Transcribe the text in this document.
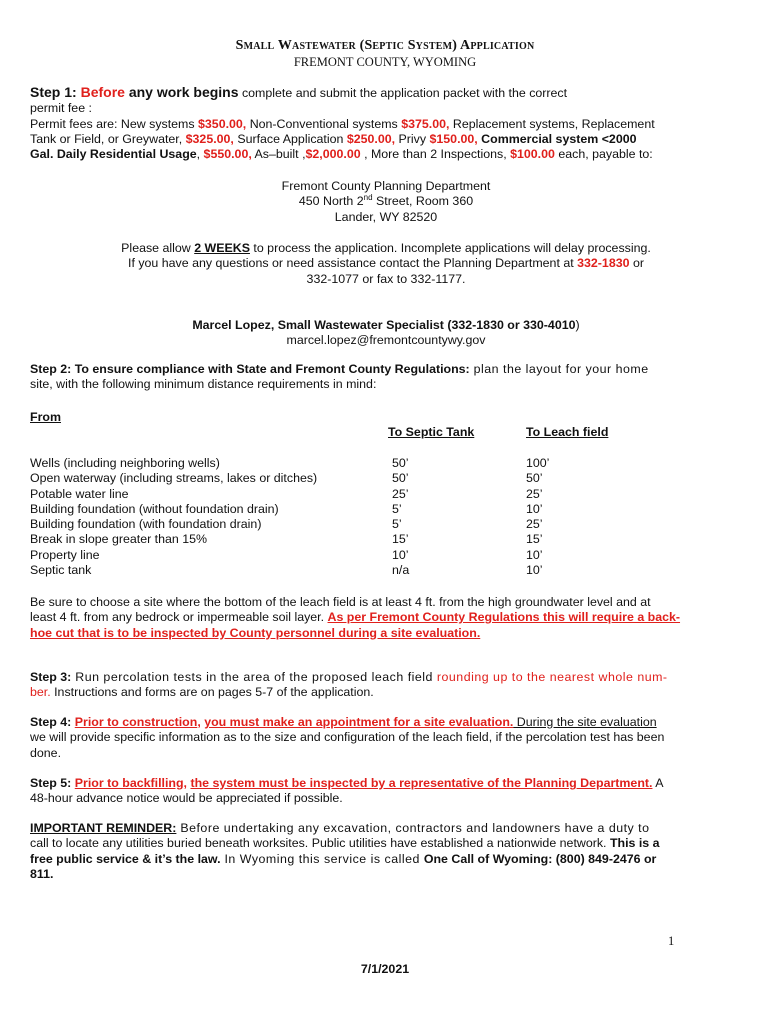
Small Wastewater (Septic System) Application
FREMONT COUNTY, WYOMING
Step 1: Before any work begins complete and submit the application packet with the correct
permit fee :
Permit fees are: New systems $350.00, Non-Conventional systems $375.00, Replacement systems, Replacement
Tank or Field, or Greywater, $325.00, Surface Application $250.00, Privy $150.00, Commercial system <2000
Gal. Daily Residential Usage, $550.00, As–built ,$2,000.00 , More than 2 Inspections, $100.00 each, payable to:
Fremont County Planning Department
450 North 2nd Street, Room 360
Lander, WY 82520
Please allow 2 WEEKS to process the application. Incomplete applications will delay processing.
If you have any questions or need assistance contact the Planning Department at 332-1830 or
332-1077 or fax to 332-1177.
Marcel Lopez, Small Wastewater Specialist (332-1830 or 330-4010)
marcel.lopez@fremontcountywy.gov
Step 2: To ensure compliance with State and Fremont County Regulations: plan the layout for your home
site, with the following minimum distance requirements in mind:
From
To Septic Tank	To Leach field
Wells (including neighboring wells)	50’	100’
Open waterway (including streams, lakes or ditches)	50’	50’
Potable water line	25’	25’
Building foundation (without foundation drain)	5’	10’
Building foundation (with foundation drain)	5’	25’
Break in slope greater than 15%	15’	15’
Property line	10’	10’
Septic tank	n/a	10’
Be sure to choose a site where the bottom of the leach field is at least 4 ft. from the high groundwater level and at
least 4 ft. from any bedrock or impermeable soil layer. As per Fremont County Regulations this will require a back-
hoe cut that is to be inspected by County personnel during a site evaluation.
Step 3: Run percolation tests in the area of the proposed leach field rounding up to the nearest whole num-
ber. Instructions and forms are on pages 5-7 of the application.
Step 4: Prior to construction, you must make an appointment for a site evaluation. During the site evaluation
we will provide specific information as to the size and configuration of the leach field, if the percolation test has been
done.
Step 5: Prior to backfilling, the system must be inspected by a representative of the Planning Department. A
48-hour advance notice would be appreciated if possible.
IMPORTANT REMINDER: Before undertaking any excavation, contractors and landowners have a duty to
call to locate any utilities buried beneath worksites. Public utilities have established a nationwide network. This is a
free public service & it’s the law. In Wyoming this service is called One Call of Wyoming: (800) 849-2476 or
811.
1
7/1/2021
